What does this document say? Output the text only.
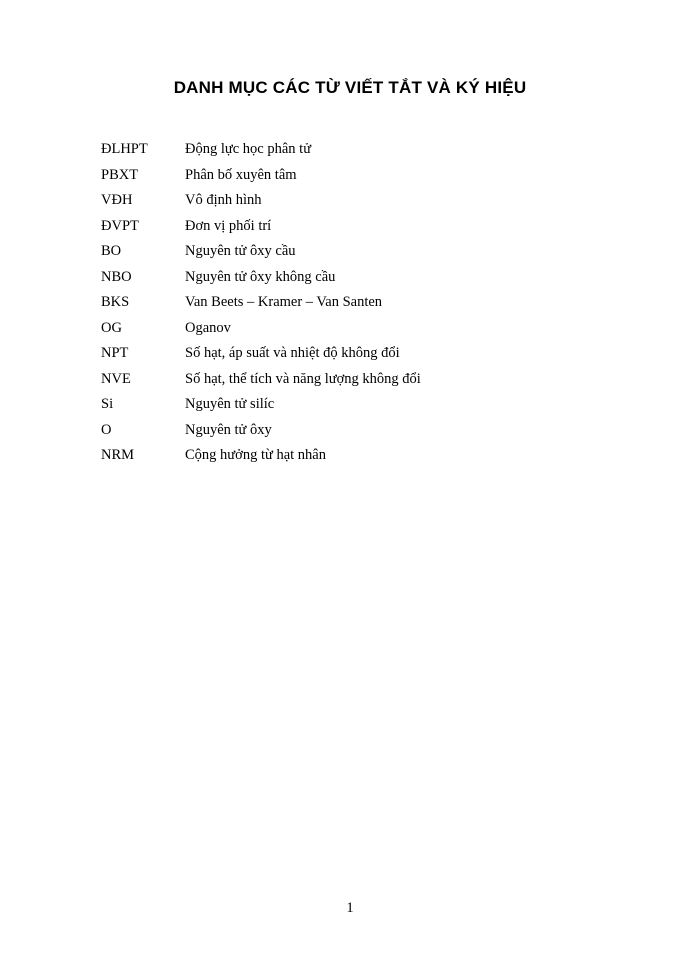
DANH MỤC CÁC TỪ VIẾT TẮT VÀ KÝ HIỆU
ĐLHPT	Động lực học phân tử
PBXT	Phân bố xuyên tâm
VĐH	Vô định hình
ĐVPT	Đơn vị phối trí
BO	Nguyên tử ôxy cầu
NBO	Nguyên tử ôxy không cầu
BKS	Van Beets – Kramer – Van Santen
OG	Oganov
NPT	Số hạt, áp suất và nhiệt độ không đổi
NVE	Số hạt, thể tích và năng lượng không đổi
Si	Nguyên tử silíc
O	Nguyên tử ôxy
NRM	Cộng hưởng từ hạt nhân
1
